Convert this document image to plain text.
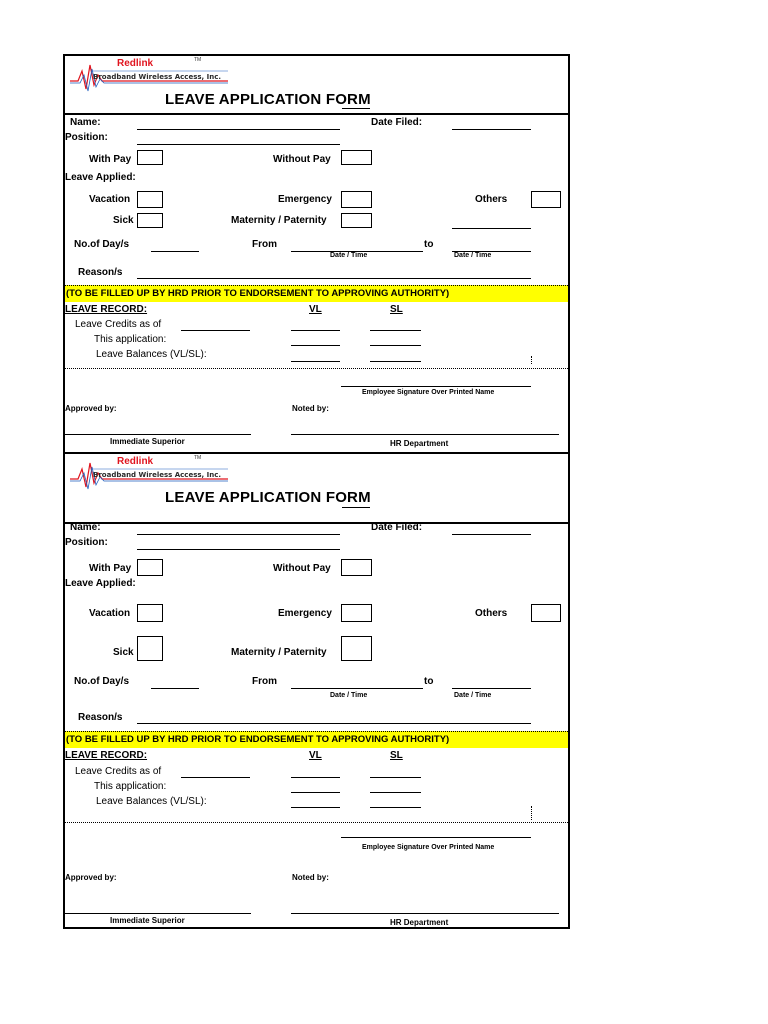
Redlink	TM
Broadband Wireless Access, Inc.
LEAVE APPLICATION FORM
Name:	Date Filed:
Position:
With Pay	Without Pay
Leave Applied:
Vacation	Emergency	Others
Sick	Maternity / Paternity
No.of Day/s	From	to
Date / Time	Date / Time
Reason/s
(TO BE FILLED UP BY HRD PRIOR TO ENDORSEMENT TO APPROVING AUTHORITY)
LEAVE RECORD:	VL	SL
Leave Credits as of
This application:
Leave Balances (VL/SL):
Employee Signature Over Printed Name
Approved by:	Noted by:
Immediate Superior	HR Department
Redlink	TM
Broadband Wireless Access, Inc.
LEAVE APPLICATION FORM
Name:	Date Filed:
Position:
With Pay	Without Pay
Leave Applied:
Vacation	Emergency	Others
Sick	Maternity / Paternity
No.of Day/s	From	to
Date / Time	Date / Time
Reason/s
(TO BE FILLED UP BY HRD PRIOR TO ENDORSEMENT TO APPROVING AUTHORITY)
LEAVE RECORD:	VL	SL
Leave Credits as of
This application:
Leave Balances (VL/SL):
Employee Signature Over Printed Name
Approved by:	Noted by:
Immediate Superior	HR Department
